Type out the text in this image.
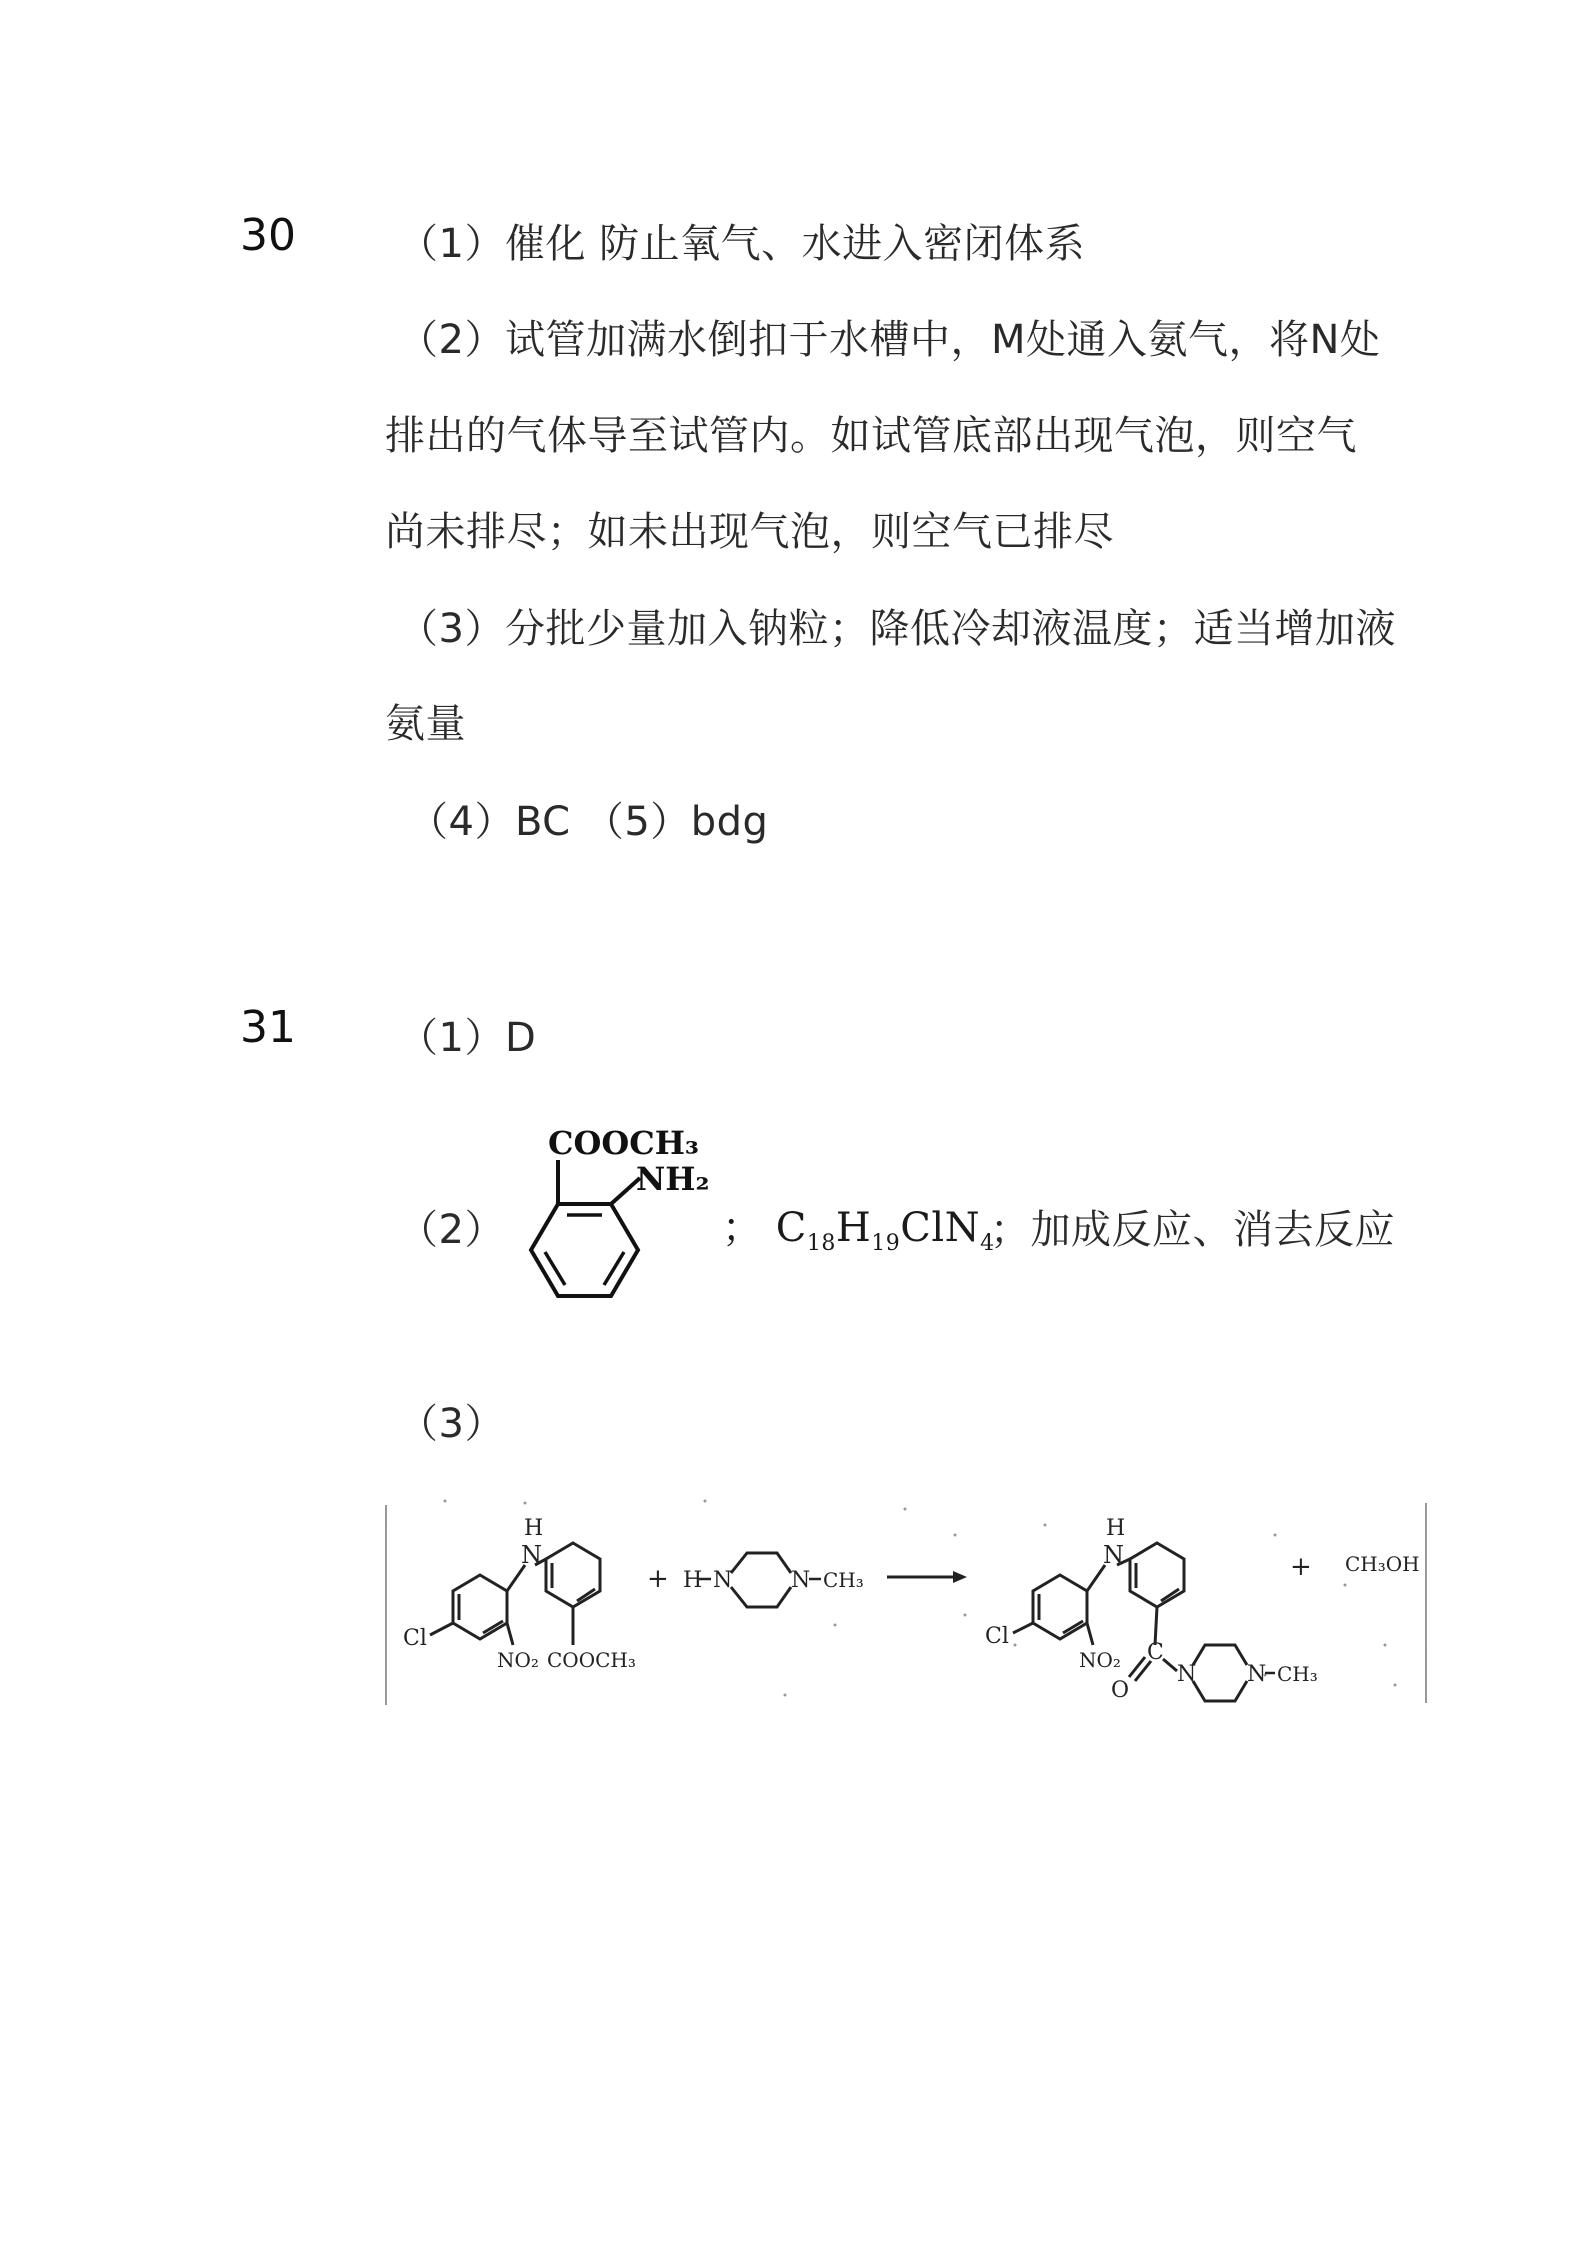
30	（1）催化 防止氧气、水进入密闭体系
（2）试管加满水倒扣于水槽中，M处通入氨气，将N处
排出的气体导至试管内。如试管底部出现气泡，则空气
尚未排尽；如未出现气泡，则空气已排尽
（3）分批少量加入钠粒；降低冷却液温度；适当增加液
氨量
（4）BC （5）bdg
31	（1）D
（2）
COOCH₃
NH₂
； $C_{18}H_{19}ClN_4$
；加成反应、消去反应
（3）
H
N
Cl
NO₂ COOCH₃
+ H N	N CH₃
H
N
Cl
NO₂ C
O
N N CH₃
+ CH₃OH
